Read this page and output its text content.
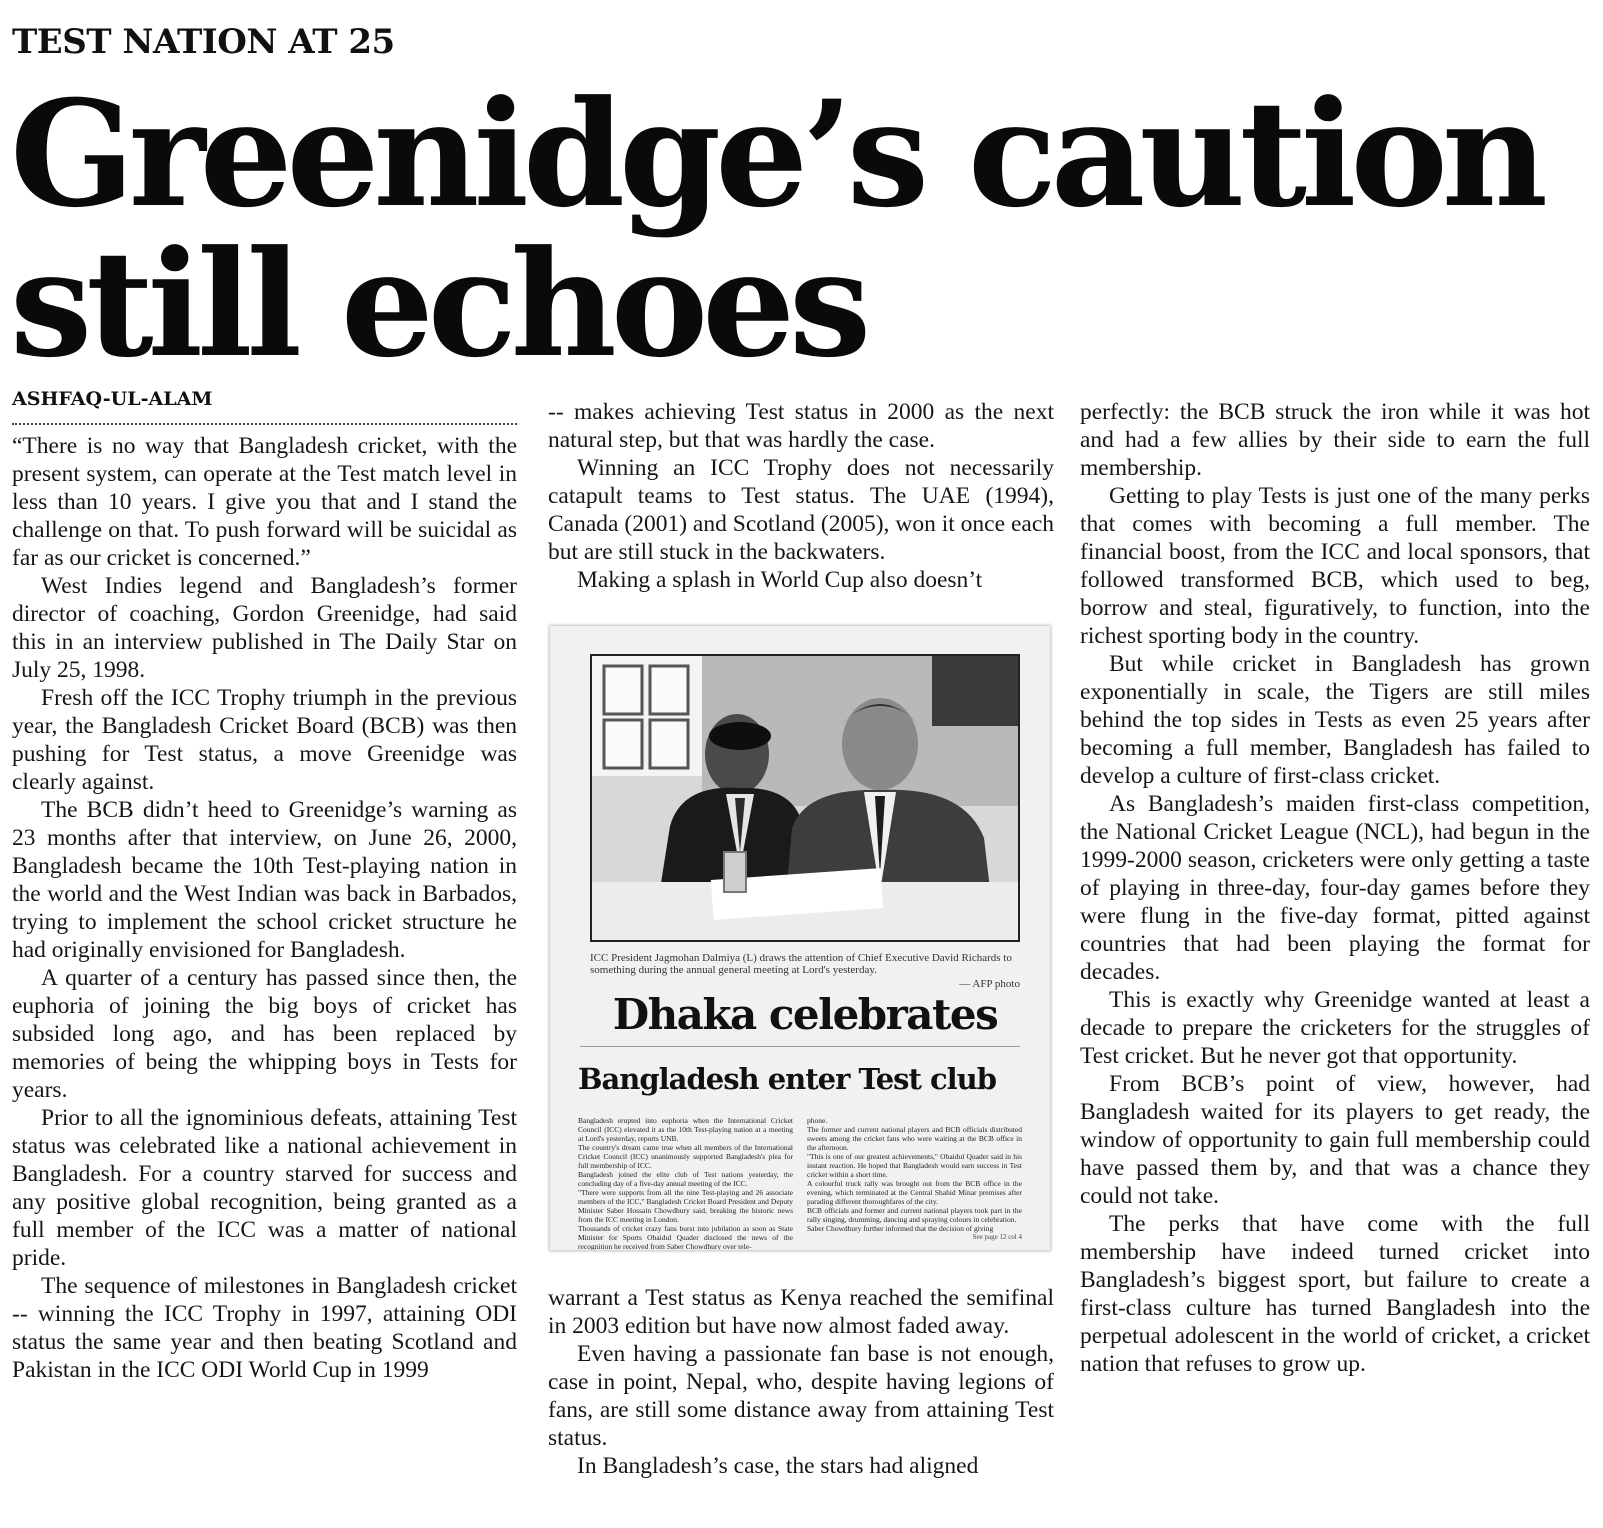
TEST NATION AT 25
Greenidge’s caution still echoes
ASHFAQ-UL-ALAM

“There is no way that Bangladesh cricket, with the present system, can operate at the Test match level in less than 10 years. I give you that and I stand the challenge on that. To push forward will be suicidal as far as our cricket is concerned.”

West Indies legend and Bangladesh’s former director of coaching, Gordon Greenidge, had said this in an interview published in The Daily Star on July 25, 1998.

Fresh off the ICC Trophy triumph in the previous year, the Bangladesh Cricket Board (BCB) was then pushing for Test status, a move Greenidge was clearly against.

The BCB didn’t heed to Greenidge’s warning as 23 months after that interview, on June 26, 2000, Bangladesh became the 10th Test-playing nation in the world and the West Indian was back in Barbados, trying to implement the school cricket structure he had originally envisioned for Bangladesh.

A quarter of a century has passed since then, the euphoria of joining the big boys of cricket has subsided long ago, and has been replaced by memories of being the whipping boys in Tests for years.

Prior to all the ignominious defeats, attaining Test status was celebrated like a national achievement in Bangladesh. For a country starved for success and any positive global recognition, being granted as a full member of the ICC was a matter of national pride.

The sequence of milestones in Bangladesh cricket -- winning the ICC Trophy in 1997, attaining ODI status the same year and then beating Scotland and Pakistan in the ICC ODI World Cup in 1999

-- makes achieving Test status in 2000 as the next natural step, but that was hardly the case.

Winning an ICC Trophy does not necessarily catapult teams to Test status. The UAE (1994), Canada (2001) and Scotland (2005), won it once each but are still stuck in the backwaters.

Making a splash in World Cup also doesn’t

ICC President Jagmohan Dalmiya (L) draws the attention of Chief Executive David Richards to something during the annual general meeting at Lord's yesterday.

— AFP photo

Dhaka celebrates
Bangladesh enter Test club

Bangladesh erupted into euphoria when the International Cricket Council (ICC) elevated it as the 10th Test-playing nation at a meeting at Lord's yesterday, reports UNB.

The country's dream came true when all members of the International Cricket Council (ICC) unanimously supported Bangladesh's plea for full membership of ICC.

Bangladesh joined the elite club of Test nations yesterday, the concluding day of a five-day annual meeting of the ICC.

"There were supports from all the nine Test-playing and 26 associate members of the ICC," Bangladesh Cricket Board President and Deputy Minister Saber Hossain Chowdhury said, breaking the historic news from the ICC meeting in London.

Thousands of cricket crazy fans burst into jubilation as soon as State Minister for Sports Obaidul Quader disclosed the news of the recognition he received from Saber Chowdhury over tele-

phone.

The former and current national players and BCB officials distributed sweets among the cricket fans who were waiting at the BCB office in the afternoon.

"This is one of our greatest achievements," Obaidul Quader said in his instant reaction. He hoped that Bangladesh would earn success in Test cricket within a short time.

A colourful truck rally was brought out from the BCB office in the evening, which terminated at the Central Shahid Minar premises after parading different thoroughfares of the city.

BCB officials and former and current national players took part in the rally singing, drumming, dancing and spraying colours in celebration.

Saber Chowdhury further informed that the decision of giving

See page 12 col 4

warrant a Test status as Kenya reached the semifinal in 2003 edition but have now almost faded away.

Even having a passionate fan base is not enough, case in point, Nepal, who, despite having legions of fans, are still some distance away from attaining Test status.

In Bangladesh’s case, the stars had aligned

perfectly: the BCB struck the iron while it was hot and had a few allies by their side to earn the full membership.

Getting to play Tests is just one of the many perks that comes with becoming a full member. The financial boost, from the ICC and local sponsors, that followed transformed BCB, which used to beg, borrow and steal, figuratively, to function, into the richest sporting body in the country.

But while cricket in Bangladesh has grown exponentially in scale, the Tigers are still miles behind the top sides in Tests as even 25 years after becoming a full member, Bangladesh has failed to develop a culture of first-class cricket.

As Bangladesh’s maiden first-class competition, the National Cricket League (NCL), had begun in the 1999-2000 season, cricketers were only getting a taste of playing in three-day, four-day games before they were flung in the five-day format, pitted against countries that had been playing the format for decades.

This is exactly why Greenidge wanted at least a decade to prepare the cricketers for the struggles of Test cricket. But he never got that opportunity.

From BCB’s point of view, however, had Bangladesh waited for its players to get ready, the window of opportunity to gain full membership could have passed them by, and that was a chance they could not take.

The perks that have come with the full membership have indeed turned cricket into Bangladesh’s biggest sport, but failure to create a first-class culture has turned Bangladesh into the perpetual adolescent in the world of cricket, a cricket nation that refuses to grow up.
